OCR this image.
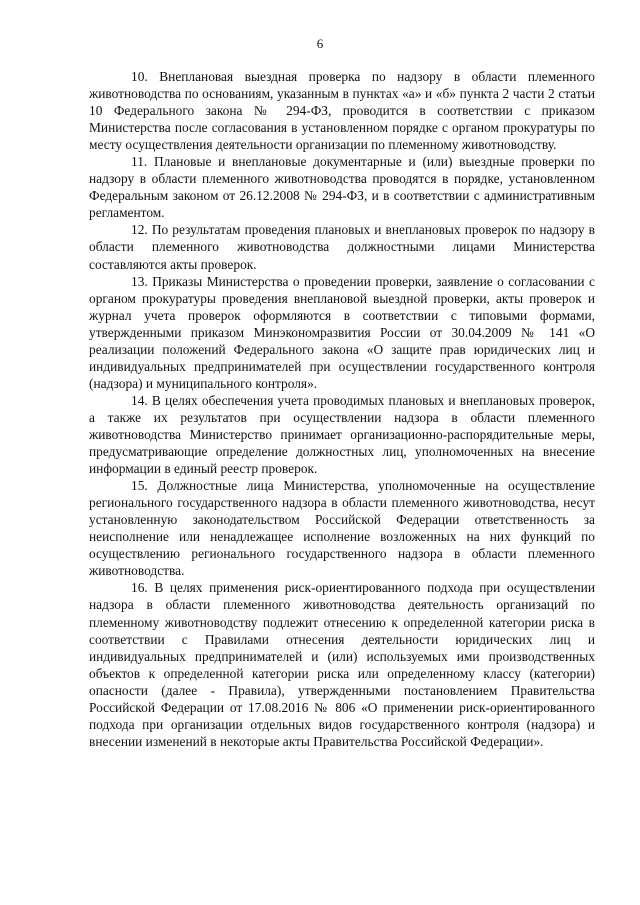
6

10. Внеплановая выездная проверка по надзору в области племенного животноводства по основаниям, указанным в пунктах «а» и «б» пункта 2 части 2 статьи 10 Федерального закона № 294-ФЗ, проводится в соответствии с приказом Министерства после согласования в установленном порядке с органом прокуратуры по месту осуществления деятельности организации по племенному животноводству.

11. Плановые и внеплановые документарные и (или) выездные проверки по надзору в области племенного животноводства проводятся в порядке, установленном Федеральным законом от 26.12.2008 № 294-ФЗ, и в соответствии с административным регламентом.

12. По результатам проведения плановых и внеплановых проверок по надзору в области племенного животноводства должностными лицами Министерства составляются акты проверок.

13. Приказы Министерства о проведении проверки, заявление о согласовании с органом прокуратуры проведения внеплановой выездной проверки, акты проверок и журнал учета проверок оформляются в соответствии с типовыми формами, утвержденными приказом Минэкономразвития России от 30.04.2009 № 141 «О реализации положений Федерального закона «О защите прав юридических лиц и индивидуальных предпринимателей при осуществлении государственного контроля (надзора) и муниципального контроля».

14. В целях обеспечения учета проводимых плановых и внеплановых проверок, а также их результатов при осуществлении надзора в области племенного животноводства Министерство принимает организационно-распорядительные меры, предусматривающие определение должностных лиц, уполномоченных на внесение информации в единый реестр проверок.

15. Должностные лица Министерства, уполномоченные на осуществление регионального государственного надзора в области племенного животноводства, несут установленную законодательством Российской Федерации ответственность за неисполнение или ненадлежащее исполнение возложенных на них функций по осуществлению регионального государственного надзора в области племенного животноводства.

16. В целях применения риск-ориентированного подхода при осуществлении надзора в области племенного животноводства деятельность организаций по племенному животноводству подлежит отнесению к определенной категории риска в соответствии с Правилами отнесения деятельности юридических лиц и индивидуальных предпринимателей и (или) используемых ими производственных объектов к определенной категории риска или определенному классу (категории) опасности (далее - Правила), утвержденными постановлением Правительства Российской Федерации от 17.08.2016 № 806 «О применении риск-ориентированного подхода при организации отдельных видов государственного контроля (надзора) и внесении изменений в некоторые акты Правительства Российской Федерации».
